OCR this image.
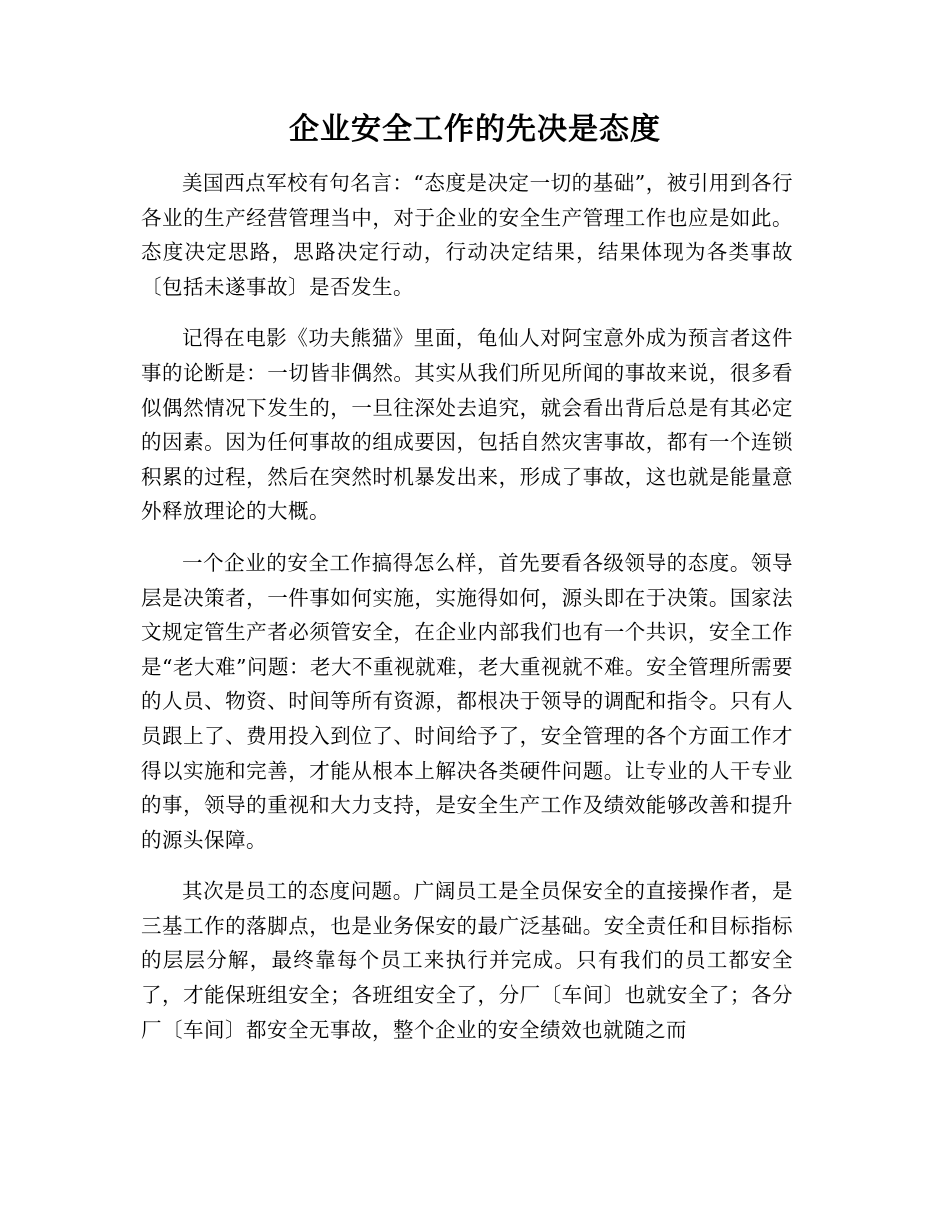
企业安全工作的先决是态度

美国西点军校有句名言：“态度是决定一切的基础”，被引用到各行各业的生产经营管理当中，对于企业的安全生产管理工作也应是如此。态度决定思路，思路决定行动，行动决定结果，结果体现为各类事故〔包括未遂事故〕是否发生。

记得在电影《功夫熊猫》里面，龟仙人对阿宝意外成为预言者这件事的论断是：一切皆非偶然。其实从我们所见所闻的事故来说，很多看似偶然情况下发生的，一旦往深处去追究，就会看出背后总是有其必定的因素。因为任何事故的组成要因，包括自然灾害事故，都有一个连锁积累的过程，然后在突然时机暴发出来，形成了事故，这也就是能量意外释放理论的大概。

一个企业的安全工作搞得怎么样，首先要看各级领导的态度。领导层是决策者，一件事如何实施，实施得如何，源头即在于决策。国家法文规定管生产者必须管安全，在企业内部我们也有一个共识，安全工作是“老大难”问题：老大不重视就难，老大重视就不难。安全管理所需要的人员、物资、时间等所有资源，都根决于领导的调配和指令。只有人员跟上了、费用投入到位了、时间给予了，安全管理的各个方面工作才得以实施和完善，才能从根本上解决各类硬件问题。让专业的人干专业的事，领导的重视和大力支持，是安全生产工作及绩效能够改善和提升的源头保障。

其次是员工的态度问题。广阔员工是全员保安全的直接操作者，是三基工作的落脚点，也是业务保安的最广泛基础。安全责任和目标指标的层层分解，最终靠每个员工来执行并完成。只有我们的员工都安全了，才能保班组安全；各班组安全了，分厂〔车间〕也就安全了；各分厂〔车间〕都安全无事故，整个企业的安全绩效也就随之而
